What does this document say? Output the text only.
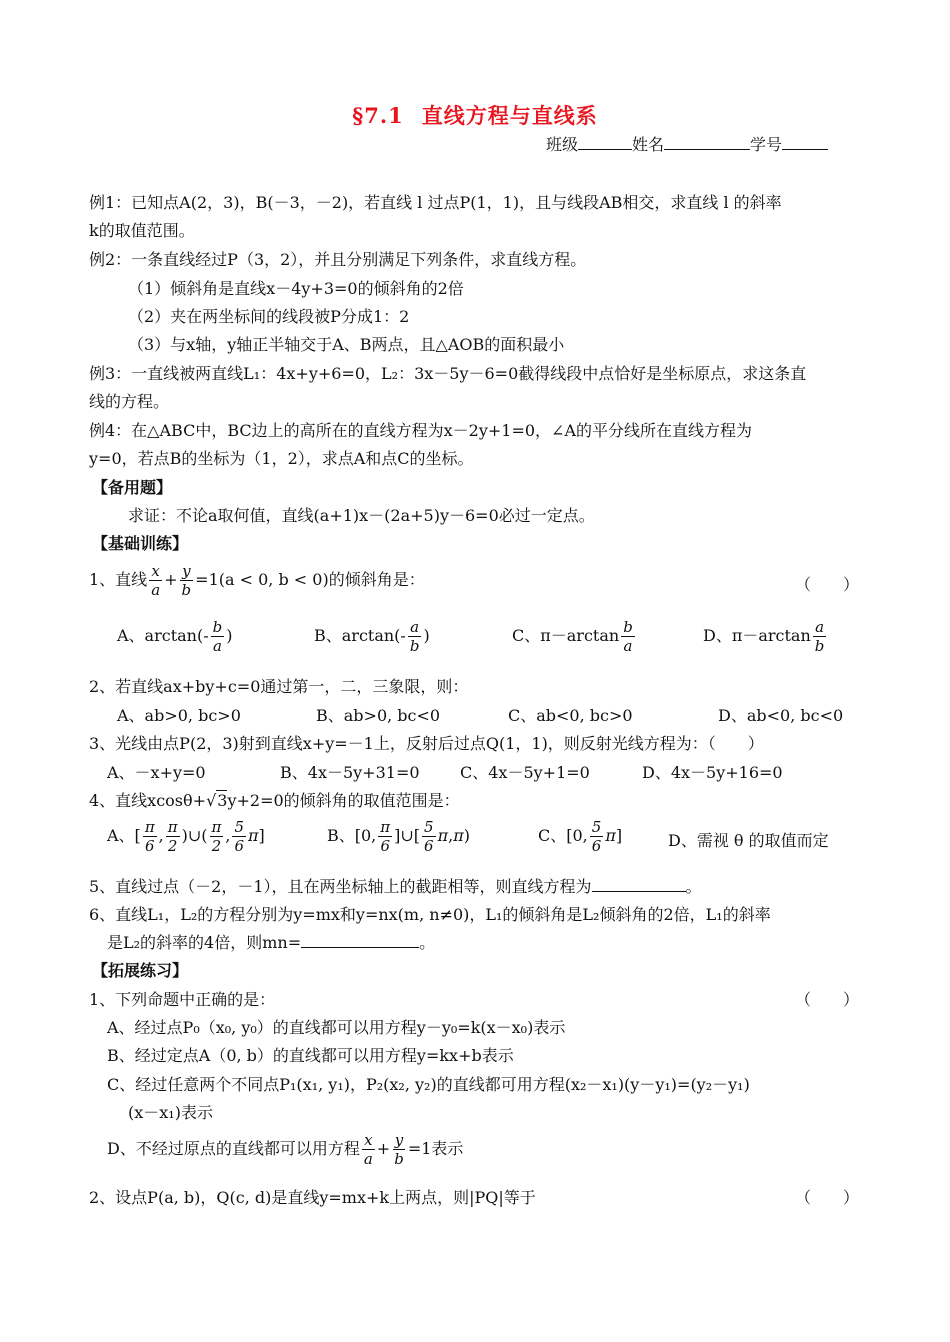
§7.1 直线方程与直线系
班级	姓名	学号
例1：已知点A(2，3)，B(－3，－2)，若直线 l 过点P(1，1)，且与线段AB相交，求直线 l 的斜率
k的取值范围。
例2：一条直线经过P（3，2），并且分别满足下列条件，求直线方程。
（1）倾斜角是直线x－4y+3=0的倾斜角的2倍
（2）夹在两坐标间的线段被P分成1：2
（3）与x轴，y轴正半轴交于A、B两点，且△AOB的面积最小
例3：一直线被两直线L₁：4x+y+6=0，L₂：3x－5y－6=0截得线段中点恰好是坐标原点，求这条直
线的方程。
例4：在△ABC中，BC边上的高所在的直线方程为x－2y+1=0，∠A的平分线所在直线方程为
y=0，若点B的坐标为（1，2），求点A和点C的坐标。
【备用题】
求证：不论a取何值，直线(a+1)x－(2a+5)y－6=0必过一定点。
【基础训练】
1、直线 $\frac{x}{a} + \frac{y}{b} =1(a < 0$, b < 0)的倾斜角是：	（　　）
A、$\arctan(- \frac{b}{a}$ )	B、$\arctan(- \frac{a}{b}$ )	C、$\pi-\arctan \frac{b}{a}$	D、$\pi-\arctan \frac{a}{b}$
2、若直线ax+by+c=0通过第一，二，三象限，则：
A、ab>0, bc>0	B、ab>0, bc<0	C、ab<0, bc>0	D、ab<0, bc<0
3、光线由点P(2，3)射到直线x+y=－1上，反射后过点Q(1，1)，则反射光线方程为：（　　）
A、－x+y=0	B、4x－5y+31=0	C、4x－5y+1=0	D、4x－5y+16=0
4、直线xcosθ+√3y+2=0的倾斜角的取值范围是：
A、[ $\frac{\pi}{6}$ , $\frac{\pi}{2}$ )∪( $\frac{\pi}{2}$ , $\frac{5}{6} \pi$]	B、[0, $\frac{\pi}{6}$ ]∪[ $\frac{5}{6} \pi,\pi$)	C、[0, $\frac{5}{6} \pi$]	D、需视 θ 的取值而定
5、直线过点（－2，－1），且在两坐标轴上的截距相等，则直线方程为	。
6、直线L₁，L₂的方程分别为y=mx和y=nx(m, n≠0)，L₁的倾斜角是L₂倾斜角的2倍，L₁的斜率
是L₂的斜率的4倍，则mn=	。
【拓展练习】
1、下列命题中正确的是：	（　　）
A、经过点P₀（x₀, y₀）的直线都可以用方程y－y₀=k(x－x₀)表示
B、经过定点A（0, b）的直线都可以用方程y=kx+b表示
C、经过任意两个不同点P₁(x₁, y₁)，P₂(x₂, y₂)的直线都可用方程(x₂－x₁)(y－y₁)=(y₂－y₁)
(x－x₁)表示
D、不经过原点的直线都可以用方程 $\frac{x}{a} + \frac{y}{b} =1$表示
2、设点P(a, b)，Q(c, d)是直线y=mx+k上两点，则|PQ|等于	（　　）
